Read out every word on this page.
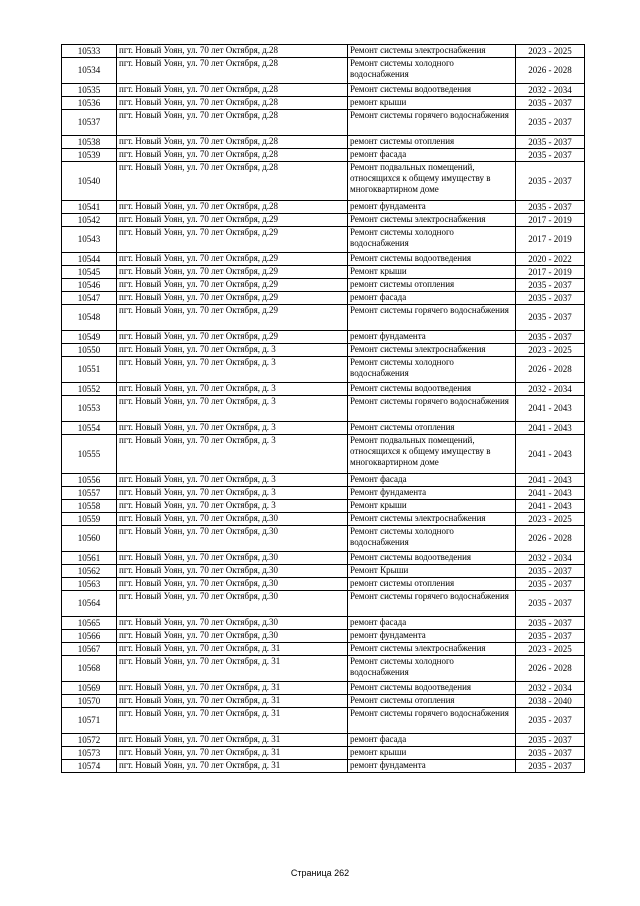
10533	пгт. Новый Уоян, ул. 70 лет Октября, д.28	Ремонт системы электроснабжения	2023 - 2025
10534	пгт. Новый Уоян, ул. 70 лет Октября, д.28	Ремонт системы холодного водоснабжения	2026 - 2028
10535	пгт. Новый Уоян, ул. 70 лет Октября, д.28	Ремонт системы водоотведения	2032 - 2034
10536	пгт. Новый Уоян, ул. 70 лет Октября, д.28	ремонт крыши	2035 - 2037
10537	пгт. Новый Уоян, ул. 70 лет Октября, д.28	Ремонт системы горячего водоснабжения	2035 - 2037
10538	пгт. Новый Уоян, ул. 70 лет Октября, д.28	ремонт системы отопления	2035 - 2037
10539	пгт. Новый Уоян, ул. 70 лет Октября, д.28	ремонт фасада	2035 - 2037
10540	пгт. Новый Уоян, ул. 70 лет Октября, д.28	Ремонт подвальных помещений, относящихся к общему имуществу в многоквартирном доме	2035 - 2037
10541	пгт. Новый Уоян, ул. 70 лет Октября, д.28	ремонт фундамента	2035 - 2037
10542	пгт. Новый Уоян, ул. 70 лет Октября, д.29	Ремонт системы электроснабжения	2017 - 2019
10543	пгт. Новый Уоян, ул. 70 лет Октября, д.29	Ремонт системы холодного водоснабжения	2017 - 2019
10544	пгт. Новый Уоян, ул. 70 лет Октября, д.29	Ремонт системы водоотведения	2020 - 2022
10545	пгт. Новый Уоян, ул. 70 лет Октября, д.29	Ремонт крыши	2017 - 2019
10546	пгт. Новый Уоян, ул. 70 лет Октября, д.29	ремонт системы отопления	2035 - 2037
10547	пгт. Новый Уоян, ул. 70 лет Октября, д.29	ремонт фасада	2035 - 2037
10548	пгт. Новый Уоян, ул. 70 лет Октября, д.29	Ремонт системы горячего водоснабжения	2035 - 2037
10549	пгт. Новый Уоян, ул. 70 лет Октября, д.29	ремонт фундамента	2035 - 2037
10550	пгт. Новый Уоян, ул. 70 лет Октября, д. 3	Ремонт системы электроснабжения	2023 - 2025
10551	пгт. Новый Уоян, ул. 70 лет Октября, д. 3	Ремонт системы холодного водоснабжения	2026 - 2028
10552	пгт. Новый Уоян, ул. 70 лет Октября, д. 3	Ремонт системы водоотведения	2032 - 2034
10553	пгт. Новый Уоян, ул. 70 лет Октября, д. 3	Ремонт системы горячего водоснабжения	2041 - 2043
10554	пгт. Новый Уоян, ул. 70 лет Октября, д. 3	Ремонт системы отопления	2041 - 2043
10555	пгт. Новый Уоян, ул. 70 лет Октября, д. 3	Ремонт подвальных помещений, относящихся к общему имуществу в многоквартирном доме	2041 - 2043
10556	пгт. Новый Уоян, ул. 70 лет Октября, д. 3	Ремонт фасада	2041 - 2043
10557	пгт. Новый Уоян, ул. 70 лет Октября, д. 3	Ремонт фундамента	2041 - 2043
10558	пгт. Новый Уоян, ул. 70 лет Октября, д. 3	Ремонт крыши	2041 - 2043
10559	пгт. Новый Уоян, ул. 70 лет Октября, д.30	Ремонт системы электроснабжения	2023 - 2025
10560	пгт. Новый Уоян, ул. 70 лет Октября, д.30	Ремонт системы холодного водоснабжения	2026 - 2028
10561	пгт. Новый Уоян, ул. 70 лет Октября, д.30	Ремонт системы водоотведения	2032 - 2034
10562	пгт. Новый Уоян, ул. 70 лет Октября, д.30	Ремонт Крыши	2035 - 2037
10563	пгт. Новый Уоян, ул. 70 лет Октября, д.30	ремонт системы отопления	2035 - 2037
10564	пгт. Новый Уоян, ул. 70 лет Октября, д.30	Ремонт системы горячего водоснабжения	2035 - 2037
10565	пгт. Новый Уоян, ул. 70 лет Октября, д.30	ремонт фасада	2035 - 2037
10566	пгт. Новый Уоян, ул. 70 лет Октября, д.30	ремонт фундамента	2035 - 2037
10567	пгт. Новый Уоян, ул. 70 лет Октября, д. 31	Ремонт системы электроснабжения	2023 - 2025
10568	пгт. Новый Уоян, ул. 70 лет Октября, д. 31	Ремонт системы холодного водоснабжения	2026 - 2028
10569	пгт. Новый Уоян, ул. 70 лет Октября, д. 31	Ремонт системы водоотведения	2032 - 2034
10570	пгт. Новый Уоян, ул. 70 лет Октября, д. 31	Ремонт системы отопления	2038 - 2040
10571	пгт. Новый Уоян, ул. 70 лет Октября, д. 31	Ремонт системы горячего водоснабжения	2035 - 2037
10572	пгт. Новый Уоян, ул. 70 лет Октября, д. 31	ремонт фасада	2035 - 2037
10573	пгт. Новый Уоян, ул. 70 лет Октября, д. 31	ремонт крыши	2035 - 2037
10574	пгт. Новый Уоян, ул. 70 лет Октября, д. 31	ремонт фундамента	2035 - 2037
Страница 262
